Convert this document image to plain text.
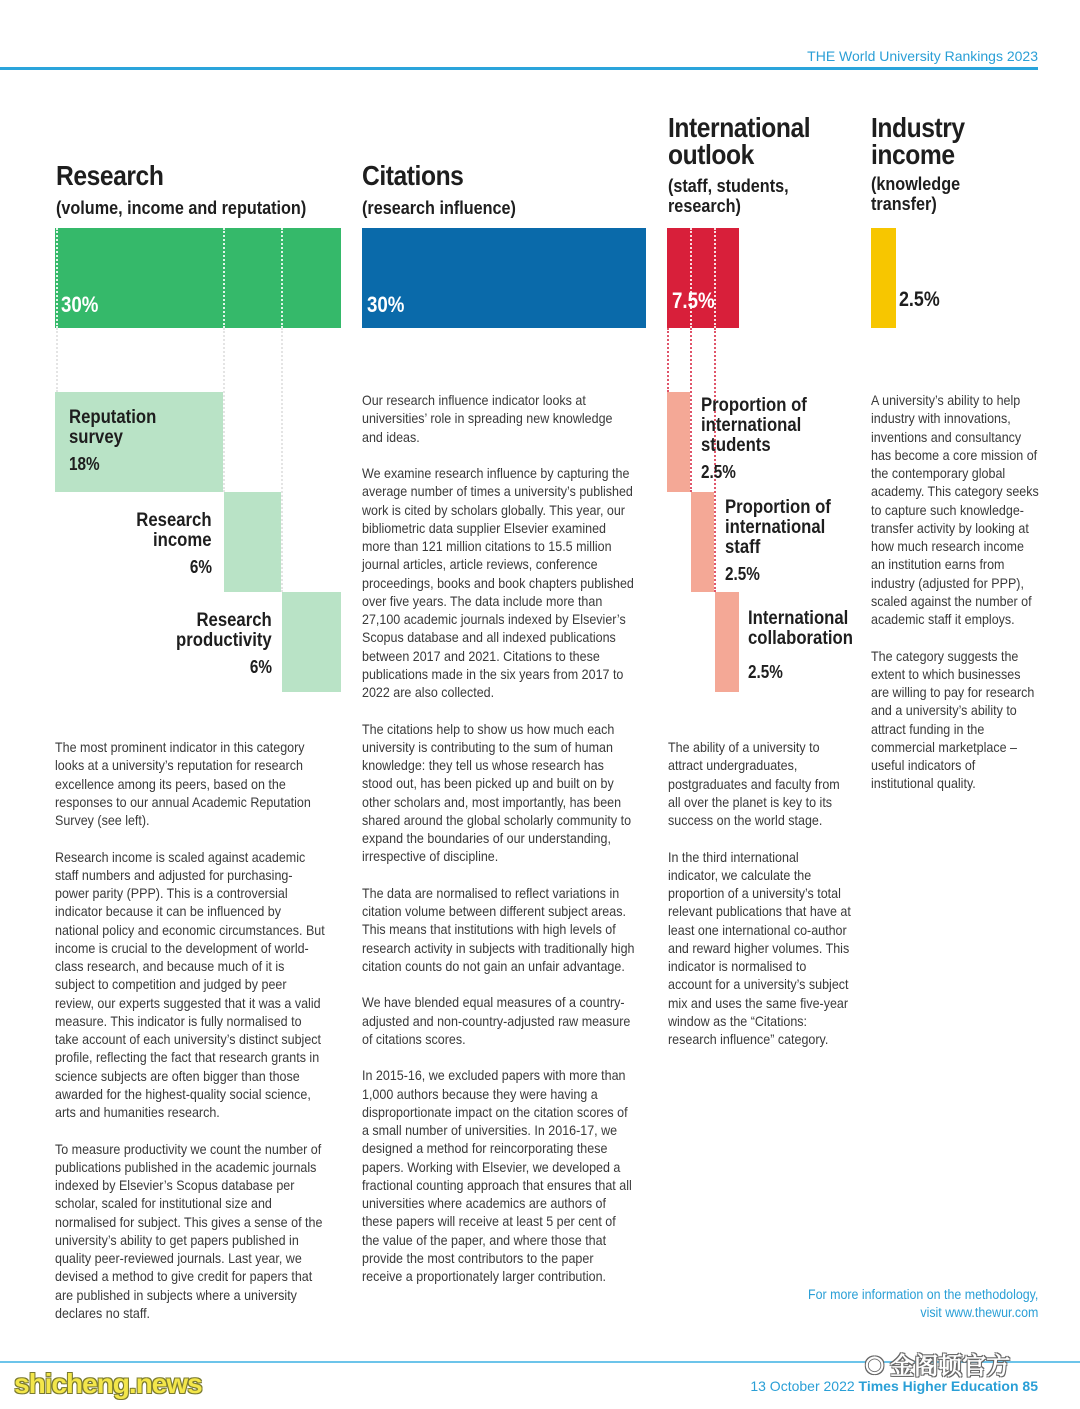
THE World University Rankings 2023
Research
(volume, income and reputation)
30%
Reputation
survey
18%
Research
income
6%
Research
productivity
6%

The most prominent indicator in this category looks at a university’s reputation for research excellence among its peers, based on the responses to our annual Academic Reputation Survey (see left).

Research income is scaled against academic staff numbers and adjusted for purchasing-power parity (PPP). This is a controversial indicator because it can be influenced by national policy and economic circumstances. But income is crucial to the development of world-class research, and because much of it is subject to competition and judged by peer review, our experts suggested that it was a valid measure. This indicator is fully normalised to take account of each university’s distinct subject profile, reflecting the fact that research grants in science subjects are often bigger than those awarded for the highest-quality social science, arts and humanities research.

To measure productivity we count the number of publications published in the academic journals indexed by Elsevier’s Scopus database per scholar, scaled for institutional size and normalised for subject. This gives a sense of the university’s ability to get papers published in quality peer-reviewed journals. Last year, we devised a method to give credit for papers that are published in subjects where a university declares no staff.

Citations
(research influence)
30%

Our research influence indicator looks at universities’ role in spreading new knowledge and ideas.

We examine research influence by capturing the average number of times a university’s published work is cited by scholars globally. This year, our bibliometric data supplier Elsevier examined more than 121 million citations to 15.5 million journal articles, article reviews, conference proceedings, books and book chapters published over five years. The data include more than 27,100 academic journals indexed by Elsevier’s Scopus database and all indexed publications between 2017 and 2021. Citations to these publications made in the six years from 2017 to 2022 are also collected.

The citations help to show us how much each university is contributing to the sum of human knowledge: they tell us whose research has stood out, has been picked up and built on by other scholars and, most importantly, has been shared around the global scholarly community to expand the boundaries of our understanding, irrespective of discipline.

The data are normalised to reflect variations in citation volume between different subject areas. This means that institutions with high levels of research activity in subjects with traditionally high citation counts do not gain an unfair advantage.

We have blended equal measures of a country-adjusted and non-country-adjusted raw measure of citations scores.

In 2015-16, we excluded papers with more than 1,000 authors because they were having a disproportionate impact on the citation scores of a small number of universities. In 2016-17, we designed a method for reincorporating these papers. Working with Elsevier, we developed a fractional counting approach that ensures that all universities where academics are authors of these papers will receive at least 5 per cent of the value of the paper, and where those that provide the most contributors to the paper receive a proportionately larger contribution.

International
outlook
(staff, students,
research)
7.5%
Proportion of
international
students
2.5%
Proportion of
international
staff
2.5%
International
collaboration
2.5%

The ability of a university to attract undergraduates, postgraduates and faculty from all over the planet is key to its success on the world stage.

In the third international indicator, we calculate the proportion of a university’s total relevant publications that have at least one international co-author and reward higher volumes. This indicator is normalised to account for a university’s subject mix and uses the same five-year window as the “Citations: research influence” category.

Industry
income
(knowledge
transfer)
2.5%

A university’s ability to help industry with innovations, inventions and consultancy has become a core mission of the contemporary global academy. This category seeks to capture such knowledge-transfer activity by looking at how much research income an institution earns from industry (adjusted for PPP), scaled against the number of academic staff it employs.

The category suggests the extent to which businesses are willing to pay for research and a university’s ability to attract funding in the commercial marketplace – useful indicators of institutional quality.

For more information on the methodology,
visit www.thewur.com
13 October 2022 Times Higher Education 85
shicheng.news
◉ 金阁顿官方
